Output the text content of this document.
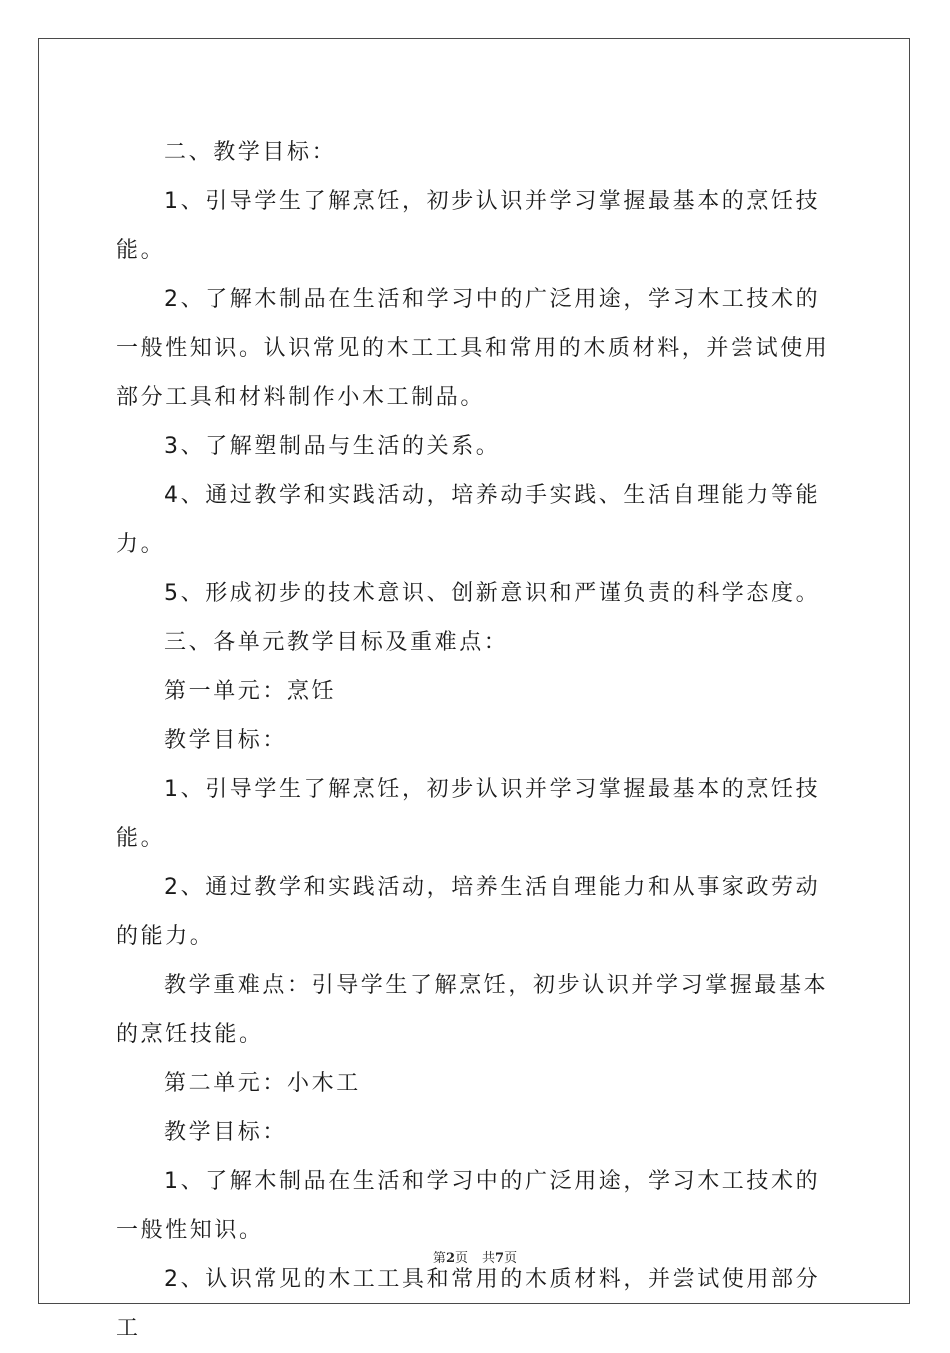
二、教学目标：

1、引导学生了解烹饪，初步认识并学习掌握最基本的烹饪技能。

2、了解木制品在生活和学习中的广泛用途，学习木工技术的一般性知识。认识常见的木工工具和常用的木质材料，并尝试使用部分工具和材料制作小木工制品。

3、了解塑制品与生活的关系。

4、通过教学和实践活动，培养动手实践、生活自理能力等能力。

5、形成初步的技术意识、创新意识和严谨负责的科学态度。

三、各单元教学目标及重难点：

第一单元：烹饪

教学目标：

1、引导学生了解烹饪，初步认识并学习掌握最基本的烹饪技能。

2、通过教学和实践活动，培养生活自理能力和从事家政劳动的能力。

教学重难点：引导学生了解烹饪，初步认识并学习掌握最基本的烹饪技能。

第二单元：小木工

教学目标：

1、了解木制品在生活和学习中的广泛用途，学习木工技术的一般性知识。

2、认识常见的木工工具和常用的木质材料，并尝试使用部分工

第2页 共7页
